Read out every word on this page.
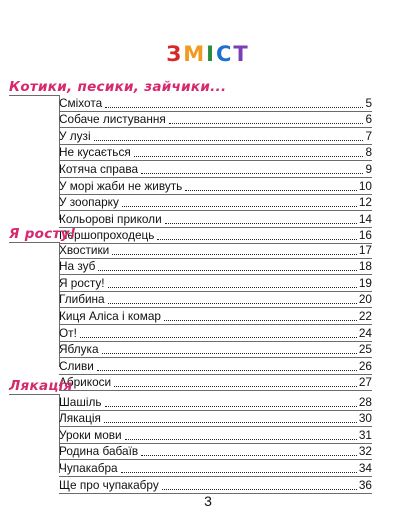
ЗМІСТ
Котики, песики, зайчики...
Сміхота	5
Собаче листування	6
У лузі	7
Не кусається	8
Котяча справа	9
У морі жаби не живуть	10
У зоопарку	12
Кольорові приколи	14
Першопроходець	16
Я росту!
Хвостики	17
На зуб	18
Я росту!	19
Глибина	20
Киця Аліса і комар	22
От!	24
Яблука	25
Сливи	26
Абрикоси	27
Лякація
Шашіль	28
Лякація	30
Уроки мови	31
Родина бабаїв	32
Чупакабра	34
Ще про чупакабру	36
3
